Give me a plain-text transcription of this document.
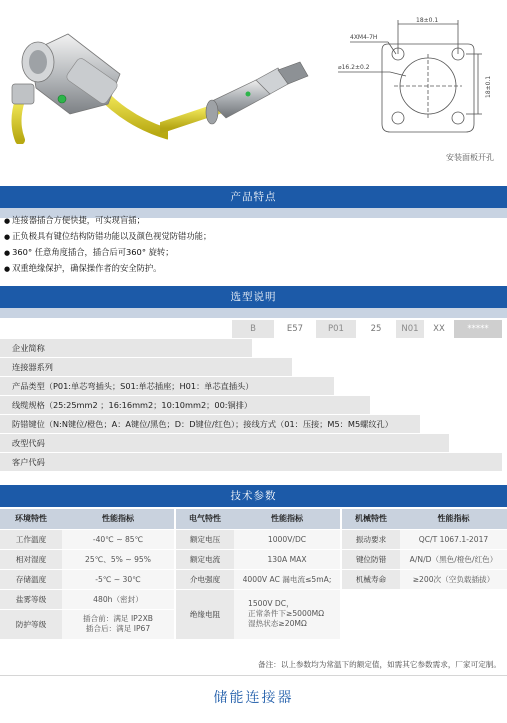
18±0.1
4XM4-7H
⌀16.2±0.2
18±0.1
安装面板开孔
产品特点
● 连接器插合方便快捷，可实现盲插；
● 正负极具有键位结构防错功能以及颜色视觉防错功能；
● 360° 任意角度插合，插合后可360° 旋转；
● 双重绝缘保护，确保操作者的安全防护。
选型说明
B	E57	P01	25	N01	XX	*****
企业简称
连接器系列
产品类型（P01:单芯弯插头；S01:单芯插座；H01：单芯直插头）
线缆规格（25:25mm2 ；16:16mm2；10:10mm2；00:铜排）
防错键位（N:N键位/橙色；A：A键位/黑色；D：D键位/红色）；接线方式（01：压接；M5：M5螺纹孔）
改型代码
客户代码
技术参数
环境特性	性能指标		电气特性	性能指标		机械特性	性能指标
工作温度	-40℃ ~ 85℃		额定电压	1000V/DC		振动要求	QC/T 1067.1-2017
相对湿度	25℃、5% ~ 95%		额定电流	130A MAX		键位防错	A/N/D（黑色/橙色/红色）
存储温度	-5℃ ~ 30℃		介电强度	4000V AC 漏电流≤5mA;		机械寿命	≥200次（空负载插拔）
盐雾等级	480h（密封）		绝缘电阻	1500V DC，
正常条件下≥5000MΩ
湿热状态≥20MΩ			

防护等级	插合前：满足 IP2XB
插合后：满足 IP67						

备注：以上参数均为常温下的额定值，如需其它参数需求，厂家可定制。
储能连接器
